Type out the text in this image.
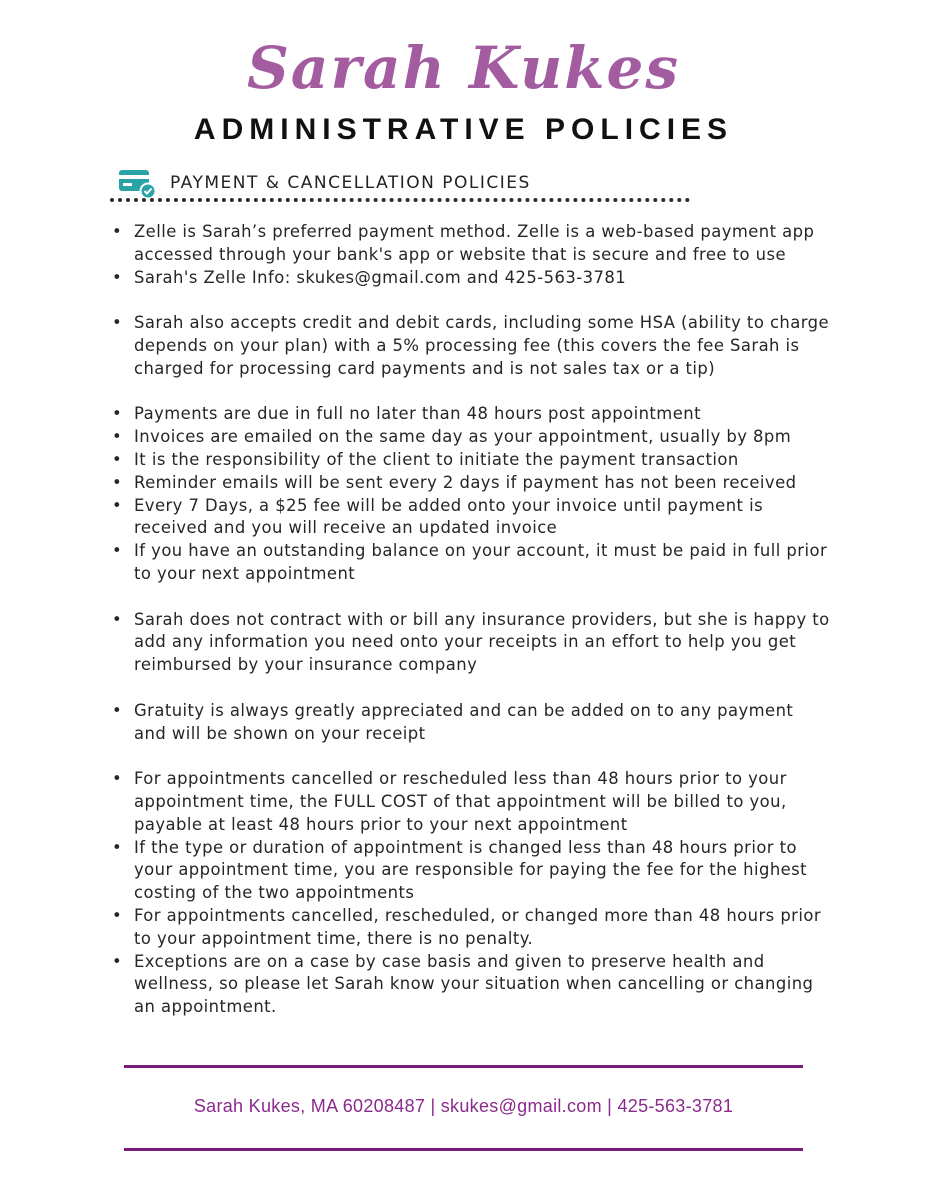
Sarah Kukes
ADMINISTRATIVE POLICIES
PAYMENT & CANCELLATION POLICIES
• Zelle is Sarah’s preferred payment method. Zelle is a web-based payment app accessed through your bank's app or website that is secure and free to use
• Sarah's Zelle Info: skukes@gmail.com and 425-563-3781
• Sarah also accepts credit and debit cards, including some HSA (ability to charge depends on your plan) with a 5% processing fee (this covers the fee Sarah is charged for processing card payments and is not sales tax or a tip)
• Payments are due in full no later than 48 hours post appointment
• Invoices are emailed on the same day as your appointment, usually by 8pm
• It is the responsibility of the client to initiate the payment transaction
• Reminder emails will be sent every 2 days if payment has not been received
• Every 7 Days, a $25 fee will be added onto your invoice until payment is received and you will receive an updated invoice
• If you have an outstanding balance on your account, it must be paid in full prior to your next appointment
• Sarah does not contract with or bill any insurance providers, but she is happy to add any information you need onto your receipts in an effort to help you get reimbursed by your insurance company
• Gratuity is always greatly appreciated and can be added on to any payment and will be shown on your receipt
• For appointments cancelled or rescheduled less than 48 hours prior to your appointment time, the FULL COST of that appointment will be billed to you, payable at least 48 hours prior to your next appointment
• If the type or duration of appointment is changed less than 48 hours prior to your appointment time, you are responsible for paying the fee for the highest costing of the two appointments
• For appointments cancelled, rescheduled, or changed more than 48 hours prior to your appointment time, there is no penalty.
• Exceptions are on a case by case basis and given to preserve health and wellness, so please let Sarah know your situation when cancelling or changing an appointment.
Sarah Kukes, MA 60208487 | skukes@gmail.com | 425-563-3781
